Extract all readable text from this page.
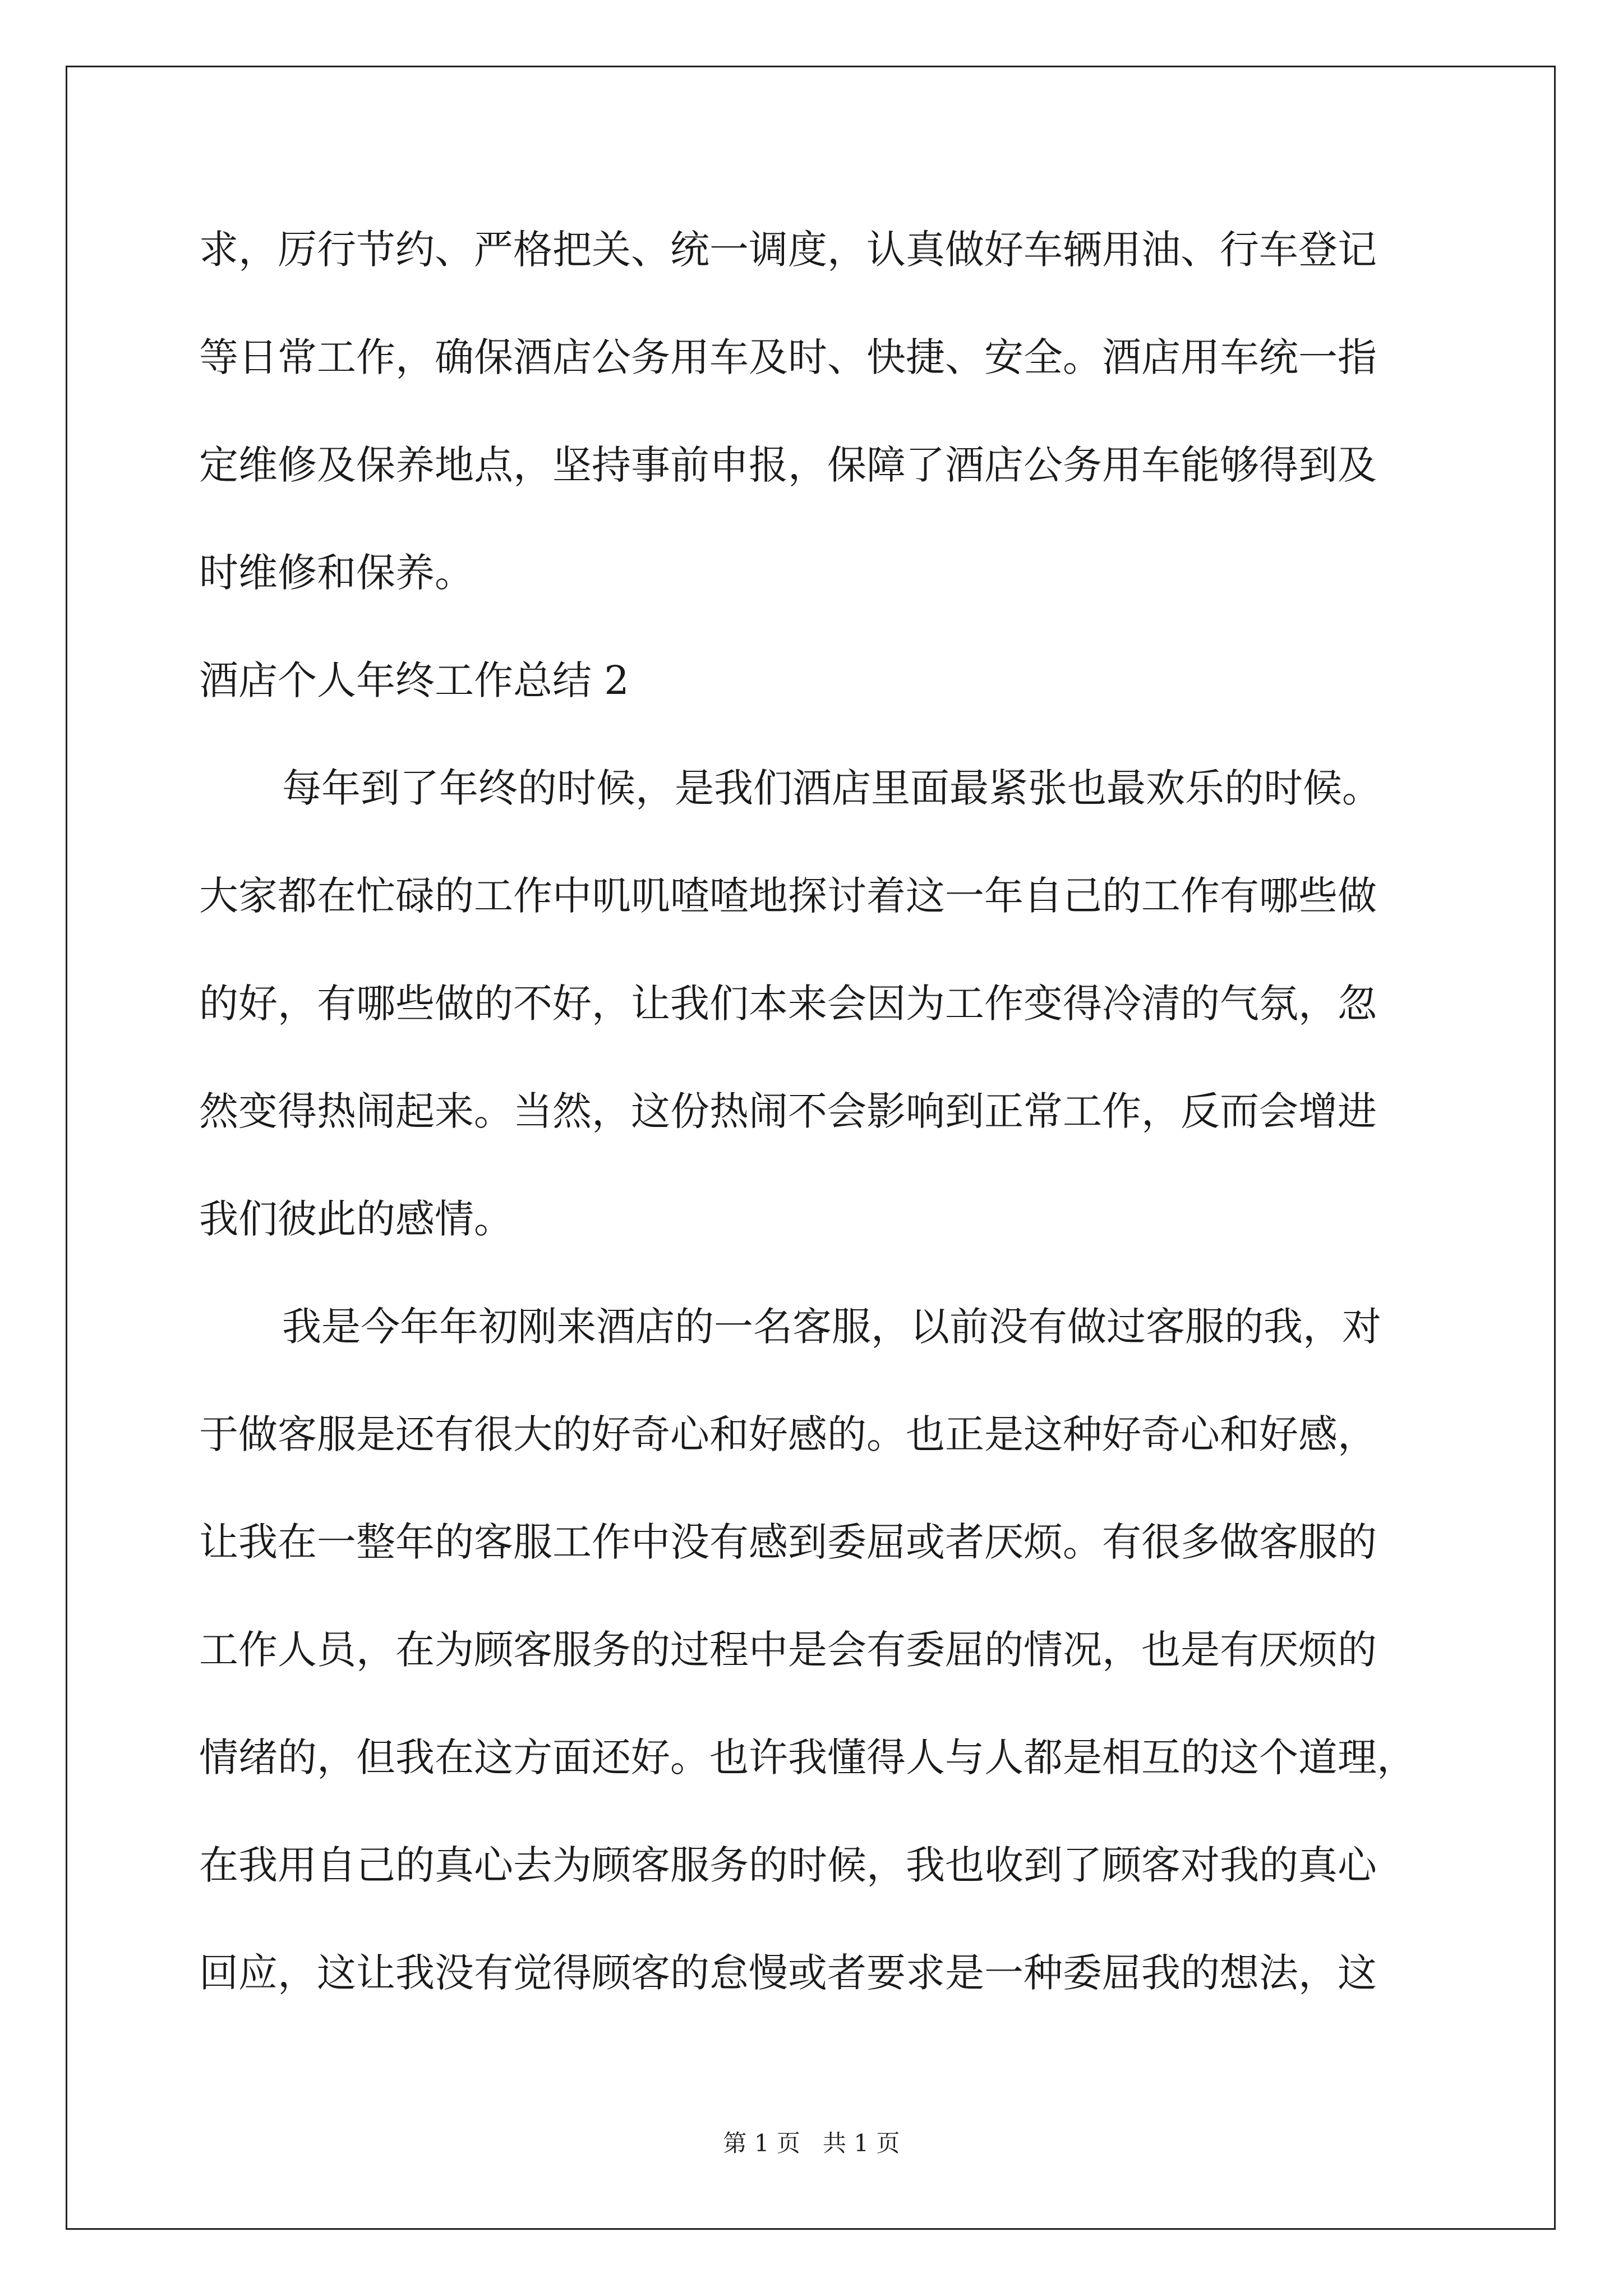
求，厉行节约、严格把关、统一调度，认真做好车辆用油、行车登记
等日常工作，确保酒店公务用车及时、快捷、安全。酒店用车统一指
定维修及保养地点，坚持事前申报，保障了酒店公务用车能够得到及
时维修和保养。
酒店个人年终工作总结 2
每年到了年终的时候，是我们酒店里面最紧张也最欢乐的时候。
大家都在忙碌的工作中叽叽喳喳地探讨着这一年自己的工作有哪些做
的好，有哪些做的不好，让我们本来会因为工作变得冷清的气氛，忽
然变得热闹起来。当然，这份热闹不会影响到正常工作，反而会增进
我们彼此的感情。
我是今年年初刚来酒店的一名客服，以前没有做过客服的我，对
于做客服是还有很大的好奇心和好感的。也正是这种好奇心和好感，
让我在一整年的客服工作中没有感到委屈或者厌烦。有很多做客服的
工作人员，在为顾客服务的过程中是会有委屈的情况，也是有厌烦的
情绪的，但我在这方面还好。也许我懂得人与人都是相互的这个道理，
在我用自己的真心去为顾客服务的时候，我也收到了顾客对我的真心
回应，这让我没有觉得顾客的怠慢或者要求是一种委屈我的想法，这
第 1 页 共 1 页
